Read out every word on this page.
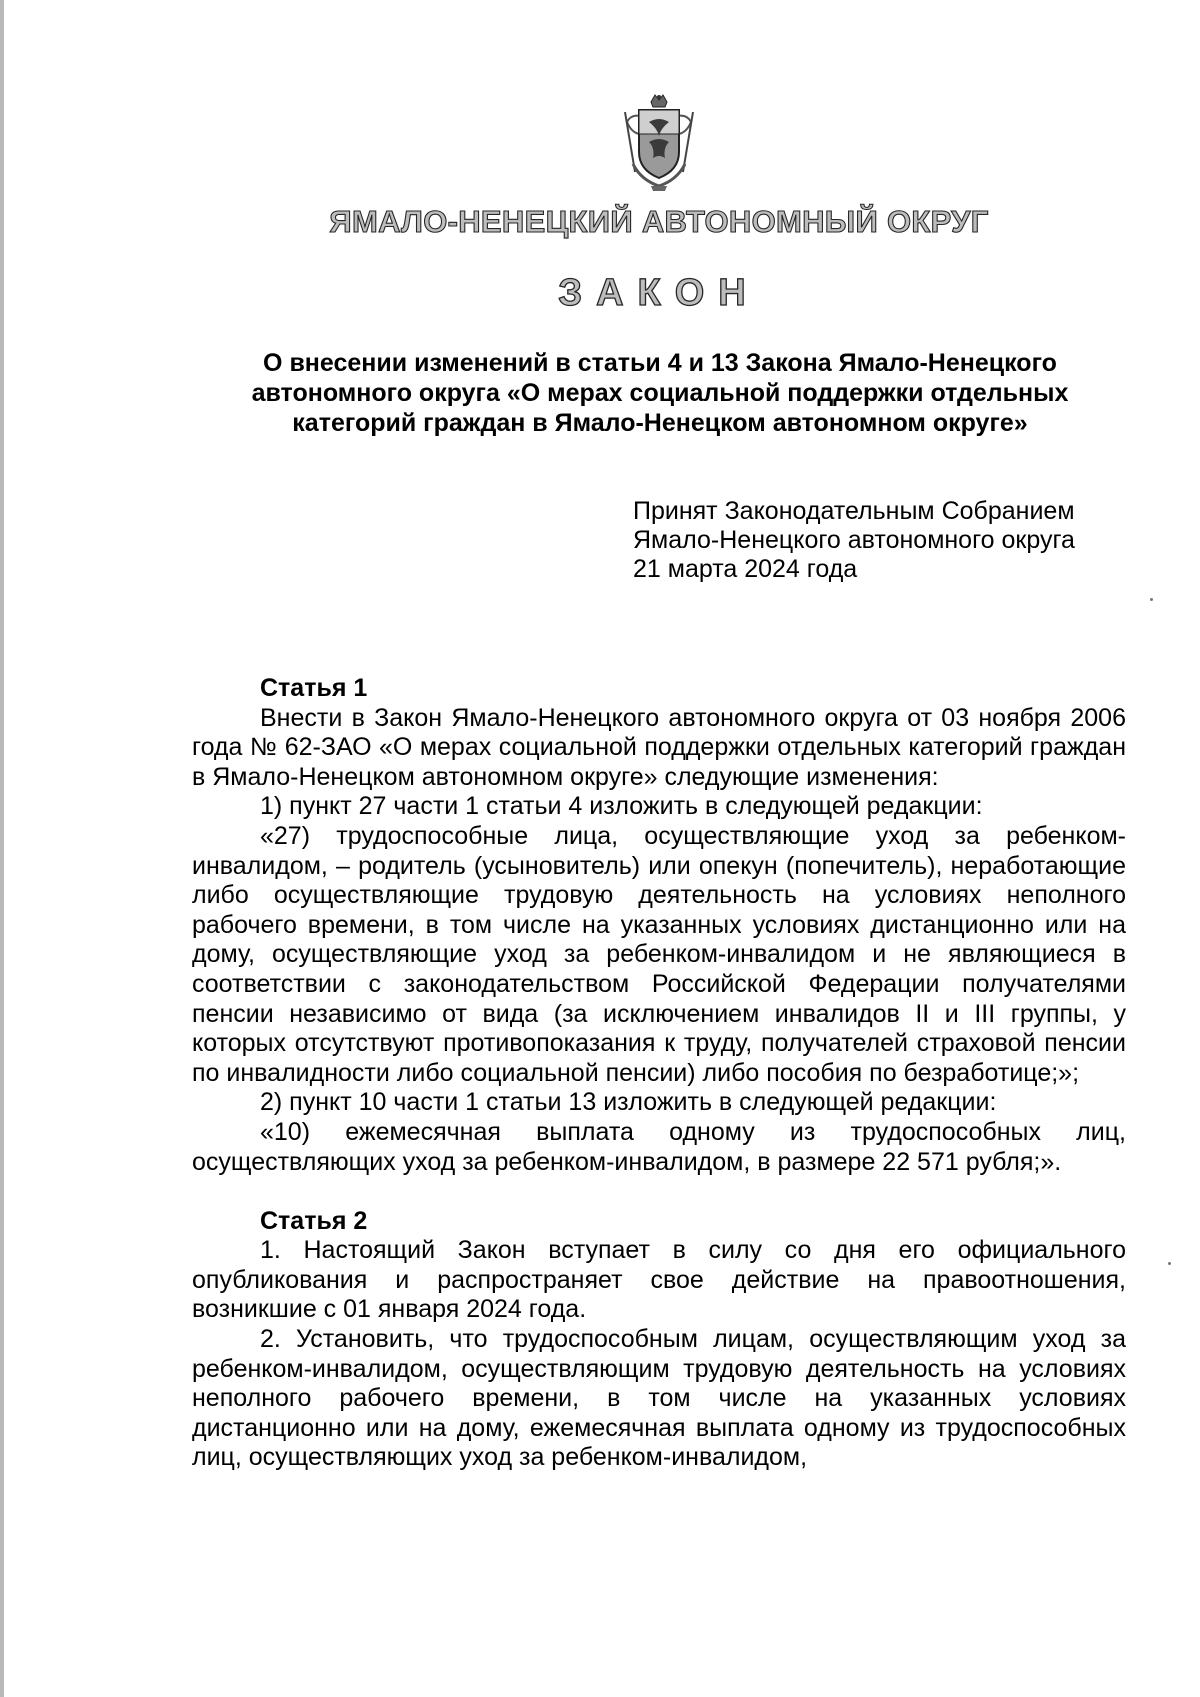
ЯМАЛО-НЕНЕЦКИЙ АВТОНОМНЫЙ ОКРУГ
ЗАКОН
О внесении изменений в статьи 4 и 13 Закона Ямало-Ненецкого
автономного округа «О мерах социальной поддержки отдельных
категорий граждан в Ямало-Ненецком автономном округе»
Принят Законодательным Собранием
Ямало-Ненецкого автономного округа
21 марта 2024 года
Статья 1

Внести в Закон Ямало-Ненецкого автономного округа от 03 ноября 2006 года № 62-ЗАО «О мерах социальной поддержки отдельных категорий граждан в Ямало-Ненецком автономном округе» следующие изменения:

1) пункт 27 части 1 статьи 4 изложить в следующей редакции:

«27) трудоспособные лица, осуществляющие уход за ребенком-инвалидом, – родитель (усыновитель) или опекун (попечитель), неработающие либо осуществляющие трудовую деятельность на условиях неполного рабочего времени, в том числе на указанных условиях дистанционно или на дому, осуществляющие уход за ребенком-инвалидом и не являющиеся в соответствии с законодательством Российской Федерации получателями пенсии независимо от вида (за исключением инвалидов II и III группы, у которых отсутствуют противопоказания к труду, получателей страховой пенсии по инвалидности либо социальной пенсии) либо пособия по безработице;»;

2) пункт 10 части 1 статьи 13 изложить в следующей редакции:

«10) ежемесячная выплата одному из трудоспособных лиц, осуществляющих уход за ребенком-инвалидом, в размере 22 571 рубля;».

Статья 2

1. Настоящий Закон вступает в силу со дня его официального опубликования и распространяет свое действие на правоотношения, возникшие с 01 января 2024 года.

2. Установить, что трудоспособным лицам, осуществляющим уход за ребенком-инвалидом, осуществляющим трудовую деятельность на условиях неполного рабочего времени, в том числе на указанных условиях дистанционно или на дому, ежемесячная выплата одному из трудоспособных лиц, осуществляющих уход за ребенком-инвалидом,
